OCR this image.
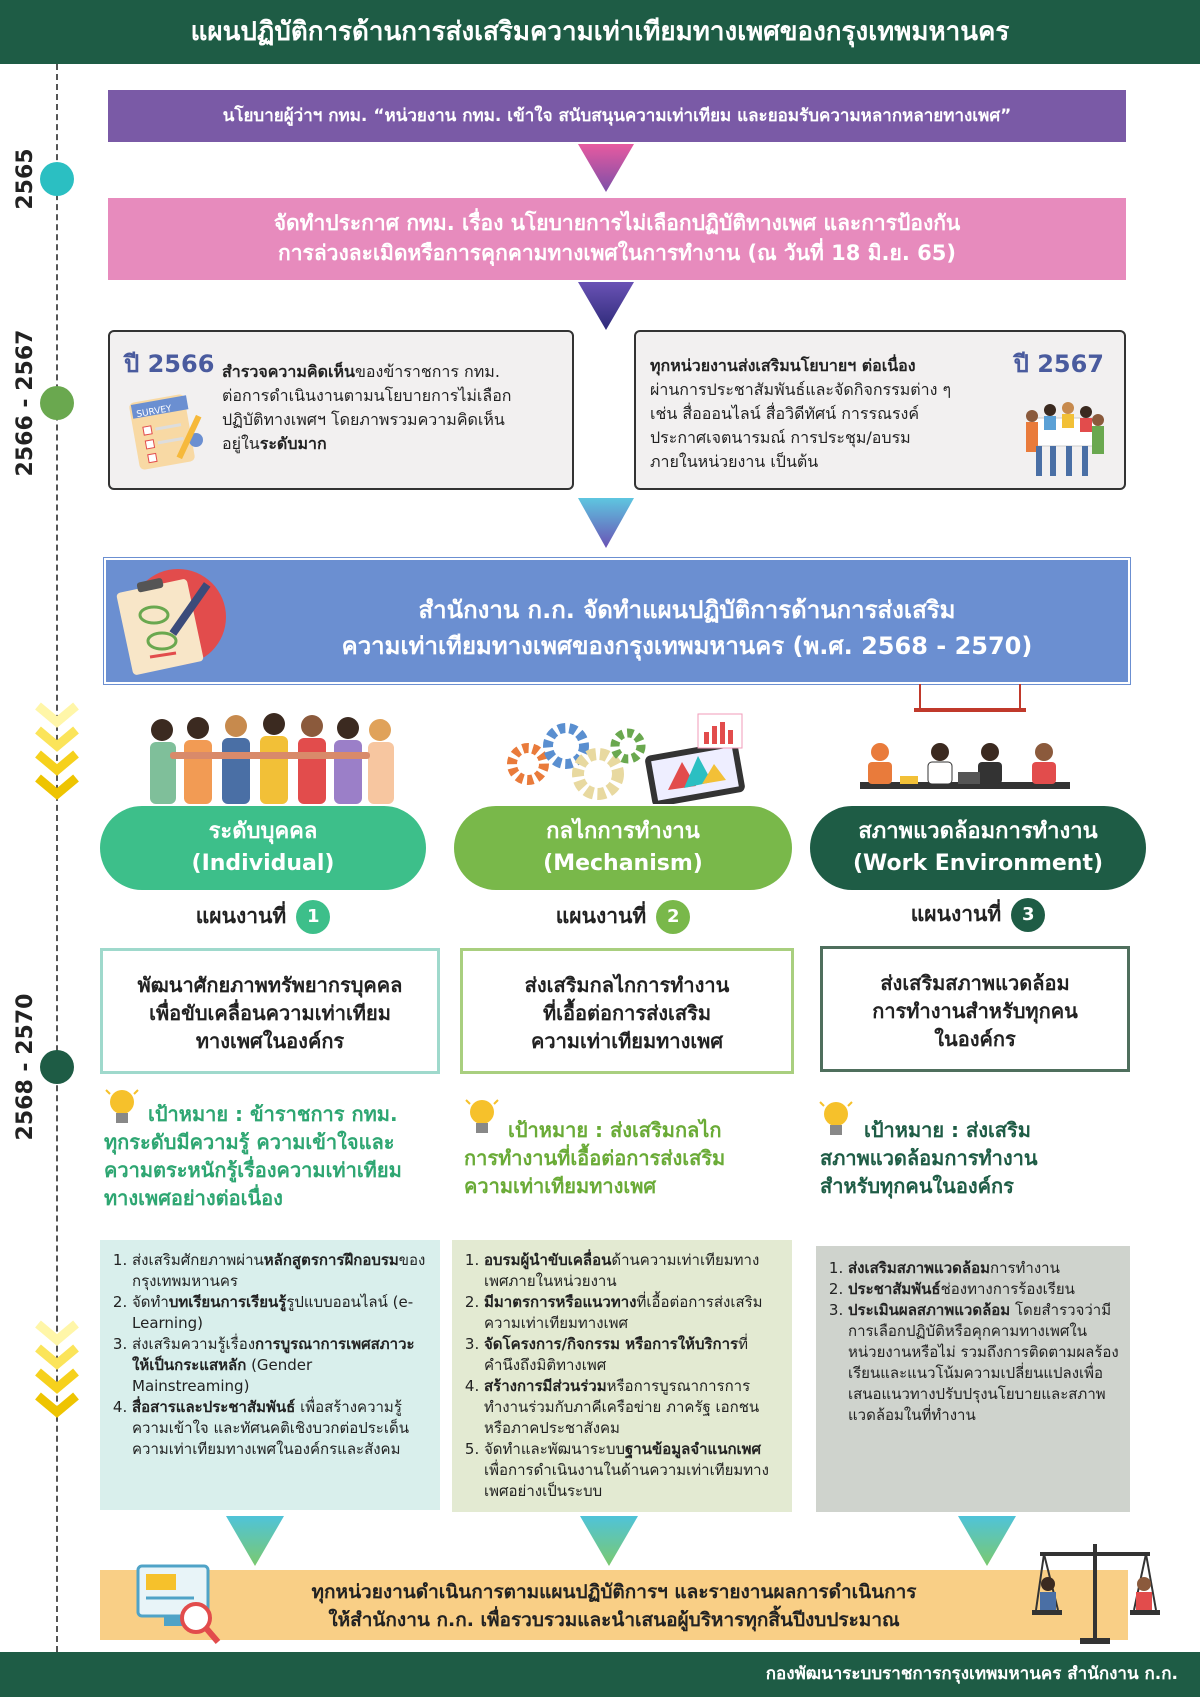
แผนปฏิบัติการด้านการส่งเสริมความเท่าเทียมทางเพศของกรุงเทพมหานคร
2565
2566 - 2567
2568 - 2570
นโยบายผู้ว่าฯ กทม. “หน่วยงาน กทม. เข้าใจ สนับสนุนความเท่าเทียม และยอมรับความหลากหลายทางเพศ”
จัดทำประกาศ กทม. เรื่อง นโยบายการไม่เลือกปฏิบัติทางเพศ และการป้องกัน
การล่วงละเมิดหรือการคุกคามทางเพศในการทำงาน (ณ วันที่ 18 มิ.ย. 65)
ปี 2566
SURVEY
สำรวจความคิดเห็นของข้าราชการ กทม.
ต่อการดำเนินงานตามนโยบายการไม่เลือก
ปฏิบัติทางเพศฯ โดยภาพรวมความคิดเห็น
อยู่ในระดับมาก
ทุกหน่วยงานส่งเสริมนโยบายฯ ต่อเนื่อง
ผ่านการประชาสัมพันธ์และจัดกิจกรรมต่าง ๆ
เช่น สื่อออนไลน์ สื่อวิดีทัศน์ การรณรงค์
ประกาศเจตนารมณ์ การประชุม/อบรม
ภายในหน่วยงาน เป็นต้น
ปี 2567
สำนักงาน ก.ก. จัดทำแผนปฏิบัติการด้านการส่งเสริม
ความเท่าเทียมทางเพศของกรุงเทพมหานคร (พ.ศ. 2568 - 2570)
ระดับบุคคล
(Individual)
กลไกการทำงาน
(Mechanism)
สภาพแวดล้อมการทำงาน
(Work Environment)
แผนงานที่ 1	แผนงานที่ 2	แผนงานที่ 3
พัฒนาศักยภาพทรัพยากรบุคคล
เพื่อขับเคลื่อนความเท่าเทียม
ทางเพศในองค์กร
ส่งเสริมกลไกการทำงาน
ที่เอื้อต่อการส่งเสริม
ความเท่าเทียมทางเพศ
ส่งเสริมสภาพแวดล้อม
การทำงานสำหรับทุกคน
ในองค์กร
เป้าหมาย : ข้าราชการ กทม.
ทุกระดับมีความรู้ ความเข้าใจและ
ความตระหนักรู้เรื่องความเท่าเทียม
ทางเพศอย่างต่อเนื่อง
เป้าหมาย : ส่งเสริมกลไก
การทำงานที่เอื้อต่อการส่งเสริม
ความเท่าเทียมทางเพศ
เป้าหมาย : ส่งเสริม
สภาพแวดล้อมการทำงาน
สำหรับทุกคนในองค์กร
1. ส่งเสริมศักยภาพผ่านหลักสูตรการฝึกอบรมของกรุงเทพมหานคร
2. จัดทำบทเรียนการเรียนรู้รูปแบบออนไลน์ (e-Learning)
3. ส่งเสริมความรู้เรื่องการบูรณาการเพศสภาวะให้เป็นกระแสหลัก (Gender Mainstreaming)
4. สื่อสารและประชาสัมพันธ์ เพื่อสร้างความรู้ ความเข้าใจ และทัศนคติเชิงบวกต่อประเด็นความเท่าเทียมทางเพศในองค์กรและสังคม
1. อบรมผู้นำขับเคลื่อนด้านความเท่าเทียมทางเพศภายในหน่วยงาน
2. มีมาตรการหรือแนวทางที่เอื้อต่อการส่งเสริมความเท่าเทียมทางเพศ
3. จัดโครงการ/กิจกรรม หรือการให้บริการที่คำนึงถึงมิติทางเพศ
4. สร้างการมีส่วนร่วมหรือการบูรณาการการทำงานร่วมกับภาคีเครือข่าย ภาครัฐ เอกชน หรือภาคประชาสังคม
5. จัดทำและพัฒนาระบบฐานข้อมูลจำแนกเพศเพื่อการดำเนินงานในด้านความเท่าเทียมทางเพศอย่างเป็นระบบ
1. ส่งเสริมสภาพแวดล้อมการทำงาน
2. ประชาสัมพันธ์ช่องทางการร้องเรียน
3. ประเมินผลสภาพแวดล้อม โดยสำรวจว่ามีการเลือกปฏิบัติหรือคุกคามทางเพศในหน่วยงานหรือไม่ รวมถึงการติดตามผลร้องเรียนและแนวโน้มความเปลี่ยนแปลงเพื่อเสนอแนวทางปรับปรุงนโยบายและสภาพแวดล้อมในที่ทำงาน
ทุกหน่วยงานดำเนินการตามแผนปฏิบัติการฯ และรายงานผลการดำเนินการ
ให้สำนักงาน ก.ก. เพื่อรวบรวมและนำเสนอผู้บริหารทุกสิ้นปีงบประมาณ
กองพัฒนาระบบราชการกรุงเทพมหานคร สำนักงาน ก.ก.
